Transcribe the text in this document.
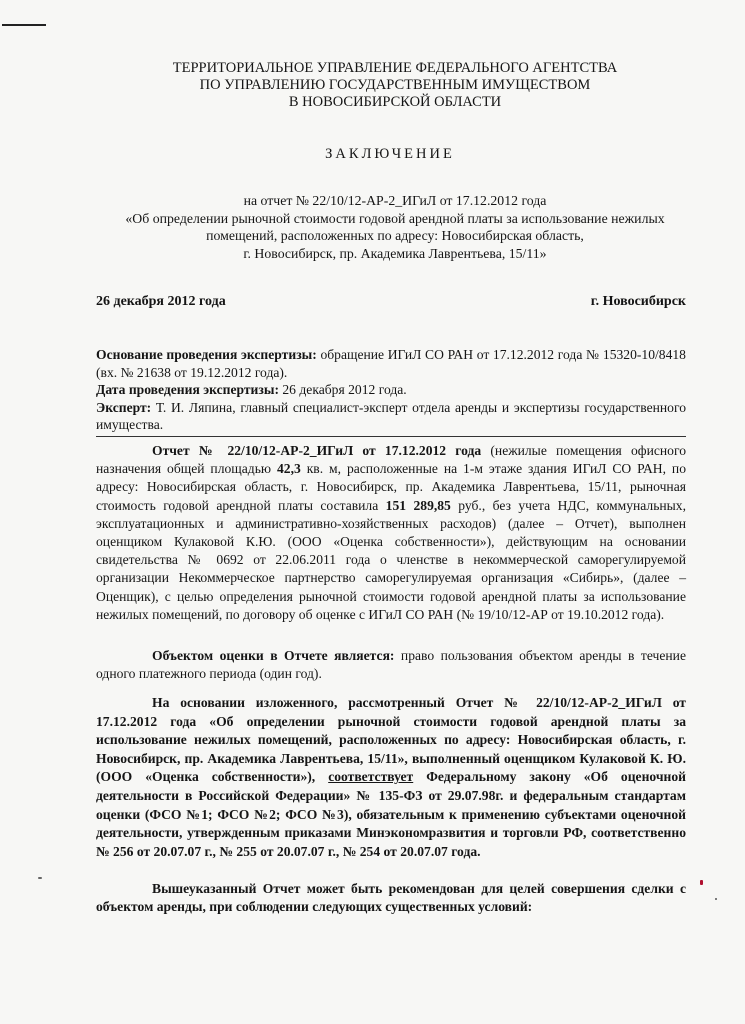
ТЕРРИТОРИАЛЬНОЕ УПРАВЛЕНИЕ ФЕДЕРАЛЬНОГО АГЕНТСТВА
ПО УПРАВЛЕНИЮ ГОСУДАРСТВЕННЫМ ИМУЩЕСТВОМ
В НОВОСИБИРСКОЙ ОБЛАСТИ
ЗАКЛЮЧЕНИЕ
на отчет № 22/10/12-АР-2_ИГиЛ от 17.12.2012 года
«Об определении рыночной стоимости годовой арендной платы за использование нежилых
помещений, расположенных по адресу: Новосибирская область,
г. Новосибирск, пр. Академика Лаврентьева, 15/11»
26 декабря 2012 года	г. Новосибирск

Основание проведения экспертизы: обращение ИГиЛ СО РАН от 17.12.2012 года № 15320-10/8418 (вх. № 21638 от 19.12.2012 года).

Дата проведения экспертизы: 26 декабря 2012 года.

Эксперт: Т. И. Ляпина, главный специалист-эксперт отдела аренды и экспертизы государственного имущества.

Отчет № 22/10/12-АР-2_ИГиЛ от 17.12.2012 года (нежилые помещения офисного назначения общей площадью 42,3 кв. м, расположенные на 1-м этаже здания ИГиЛ СО РАН, по адресу: Новосибирская область, г. Новосибирск, пр. Академика Лаврентьева, 15/11, рыночная стоимость годовой арендной платы составила 151 289,85 руб., без учета НДС, коммунальных, эксплуатационных и административно-хозяйственных расходов) (далее – Отчет), выполнен оценщиком Кулаковой К.Ю. (ООО «Оценка собственности»), действующим на основании свидетельства № 0692 от 22.06.2011 года о членстве в некоммерческой саморегулируемой организации Некоммерческое партнерство саморегулируемая организация «Сибирь», (далее – Оценщик), с целью определения рыночной стоимости годовой арендной платы за использование нежилых помещений, по договору об оценке с ИГиЛ СО РАН (№ 19/10/12-АР от 19.10.2012 года).

Объектом оценки в Отчете является: право пользования объектом аренды в течение одного платежного периода (один год).

На основании изложенного, рассмотренный Отчет № 22/10/12-АР-2_ИГиЛ от 17.12.2012 года «Об определении рыночной стоимости годовой арендной платы за использование нежилых помещений, расположенных по адресу: Новосибирская область, г. Новосибирск, пр. Академика Лаврентьева, 15/11», выполненный оценщиком Кулаковой К. Ю. (ООО «Оценка собственности»), соответствует Федеральному закону «Об оценочной деятельности в Российской Федерации» № 135-ФЗ от 29.07.98г. и федеральным стандартам оценки (ФСО №1; ФСО №2; ФСО №3), обязательным к применению субъектами оценочной деятельности, утвержденным приказами Минэкономразвития и торговли РФ, соответственно № 256 от 20.07.07 г., № 255 от 20.07.07 г., № 254 от 20.07.07 года.

Вышеуказанный Отчет может быть рекомендован для целей совершения сделки с объектом аренды, при соблюдении следующих существенных условий:
